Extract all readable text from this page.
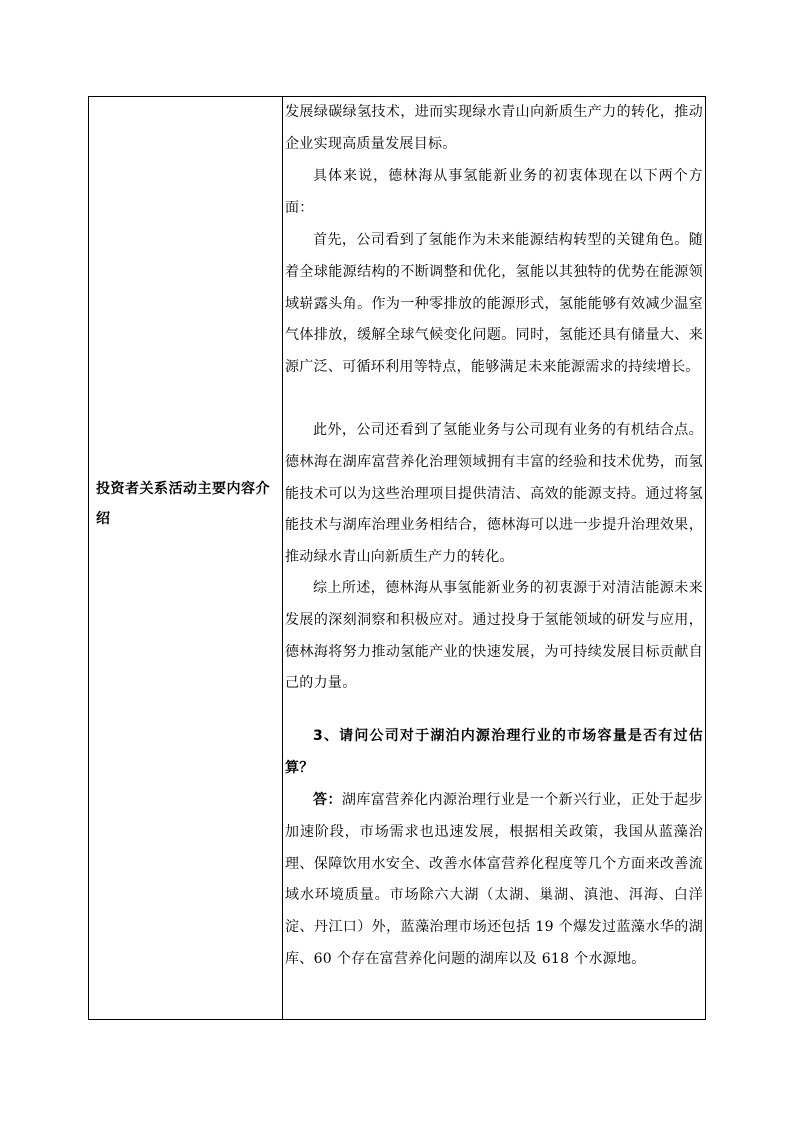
投资者关系活动主要内容介绍

发展绿碳绿氢技术，进而实现绿水青山向新质生产力的转化，推动企业实现高质量发展目标。

具体来说，德林海从事氢能新业务的初衷体现在以下两个方面：

首先，公司看到了氢能作为未来能源结构转型的关键角色。随着全球能源结构的不断调整和优化，氢能以其独特的优势在能源领域崭露头角。作为一种零排放的能源形式，氢能能够有效减少温室气体排放，缓解全球气候变化问题。同时，氢能还具有储量大、来源广泛、可循环利用等特点，能够满足未来能源需求的持续增长。

此外，公司还看到了氢能业务与公司现有业务的有机结合点。德林海在湖库富营养化治理领域拥有丰富的经验和技术优势，而氢能技术可以为这些治理项目提供清洁、高效的能源支持。通过将氢能技术与湖库治理业务相结合，德林海可以进一步提升治理效果，推动绿水青山向新质生产力的转化。

综上所述，德林海从事氢能新业务的初衷源于对清洁能源未来发展的深刻洞察和积极应对。通过投身于氢能领域的研发与应用，德林海将努力推动氢能产业的快速发展，为可持续发展目标贡献自己的力量。

3、请问公司对于湖泊内源治理行业的市场容量是否有过估算？

答：湖库富营养化内源治理行业是一个新兴行业，正处于起步加速阶段，市场需求也迅速发展，根据相关政策，我国从蓝藻治理、保障饮用水安全、改善水体富营养化程度等几个方面来改善流域水环境质量。市场除六大湖（太湖、巢湖、滇池、洱海、白洋淀、丹江口）外，蓝藻治理市场还包括 19 个爆发过蓝藻水华的湖库、60 个存在富营养化问题的湖库以及 618 个水源地。
